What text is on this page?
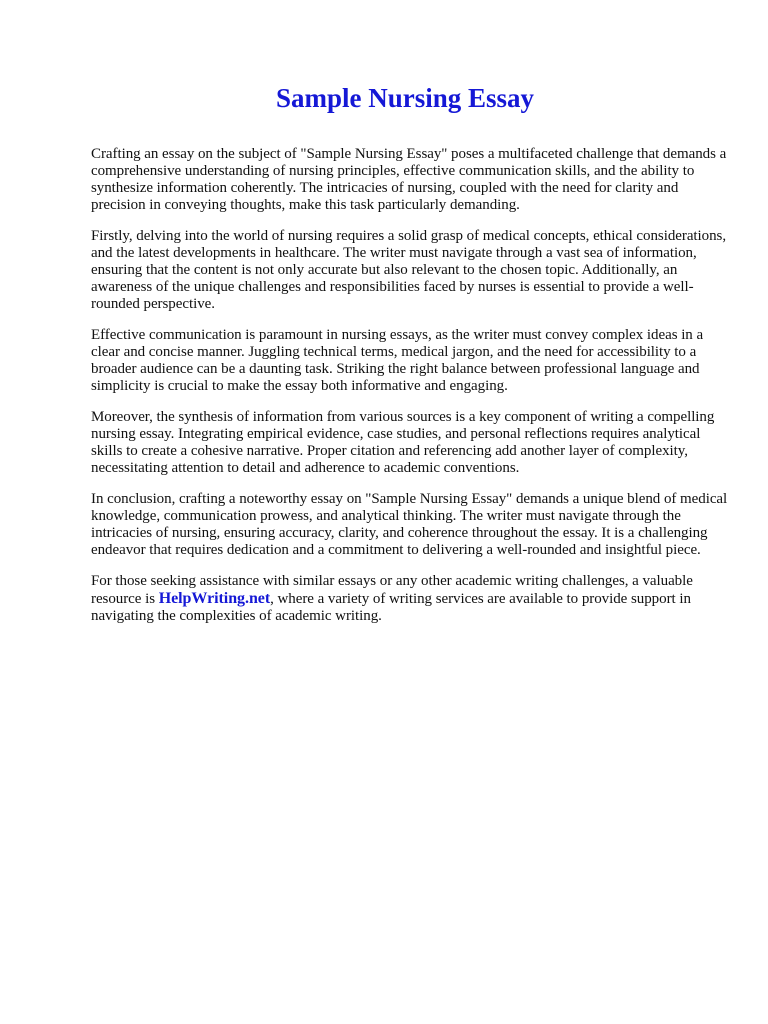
Sample Nursing Essay

Crafting an essay on the subject of "Sample Nursing Essay" poses a multifaceted challenge that demands a comprehensive understanding of nursing principles, effective communication skills, and the ability to synthesize information coherently. The intricacies of nursing, coupled with the need for clarity and precision in conveying thoughts, make this task particularly demanding.

Firstly, delving into the world of nursing requires a solid grasp of medical concepts, ethical considerations, and the latest developments in healthcare. The writer must navigate through a vast sea of information, ensuring that the content is not only accurate but also relevant to the chosen topic. Additionally, an awareness of the unique challenges and responsibilities faced by nurses is essential to provide a well-rounded perspective.

Effective communication is paramount in nursing essays, as the writer must convey complex ideas in a clear and concise manner. Juggling technical terms, medical jargon, and the need for accessibility to a broader audience can be a daunting task. Striking the right balance between professional language and simplicity is crucial to make the essay both informative and engaging.

Moreover, the synthesis of information from various sources is a key component of writing a compelling nursing essay. Integrating empirical evidence, case studies, and personal reflections requires analytical skills to create a cohesive narrative. Proper citation and referencing add another layer of complexity, necessitating attention to detail and adherence to academic conventions.

In conclusion, crafting a noteworthy essay on "Sample Nursing Essay" demands a unique blend of medical knowledge, communication prowess, and analytical thinking. The writer must navigate through the intricacies of nursing, ensuring accuracy, clarity, and coherence throughout the essay. It is a challenging endeavor that requires dedication and a commitment to delivering a well-rounded and insightful piece.

For those seeking assistance with similar essays or any other academic writing challenges, a valuable resource is HelpWriting.net, where a variety of writing services are available to provide support in navigating the complexities of academic writing.
